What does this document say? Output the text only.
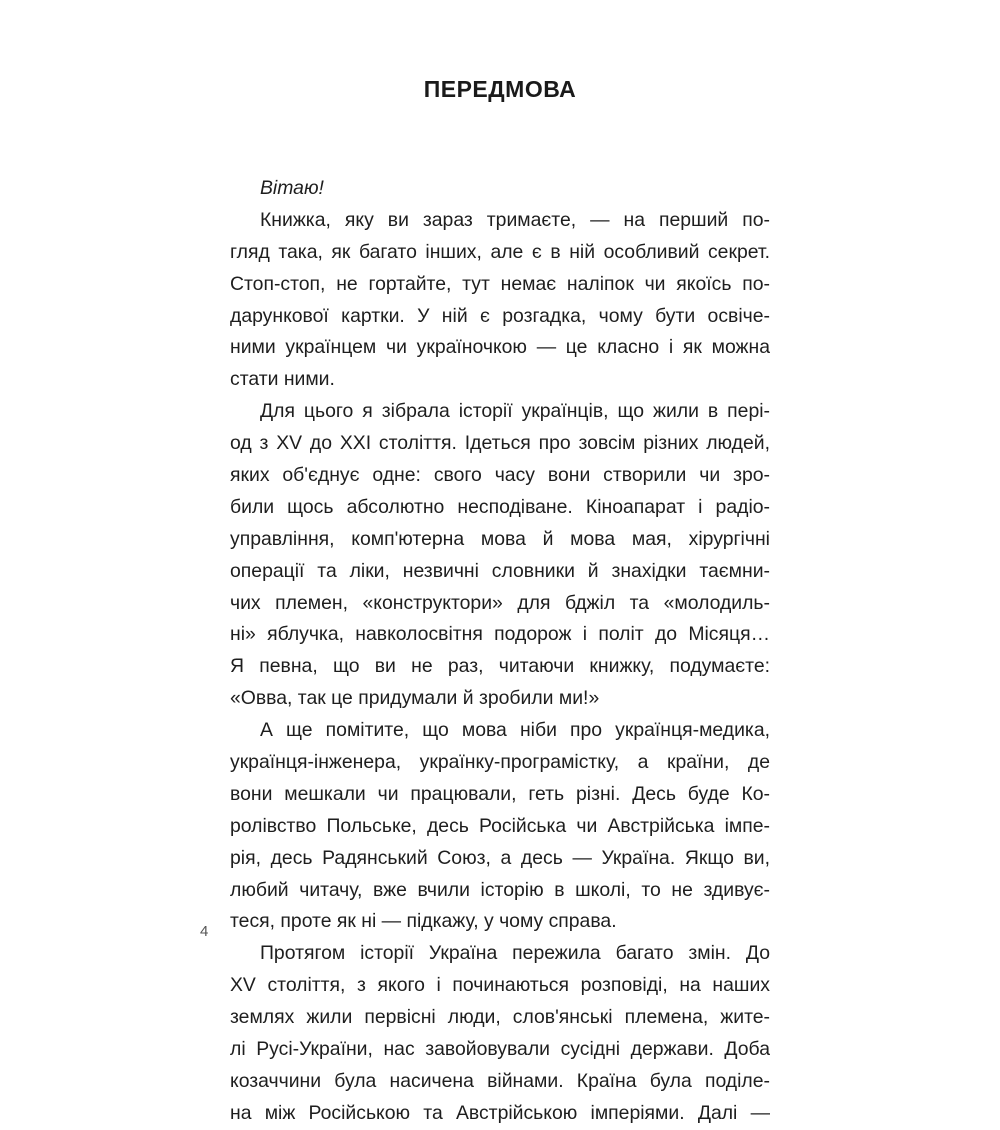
ПЕРЕДМОВА
Вітаю!
Книжка, яку ви зараз тримаєте, — на перший по-
гляд така, як багато інших, але є в ній особливий секрет.
Стоп-стоп, не гортайте, тут немає наліпок чи якоїсь по-
дарункової картки. У ній є розгадка, чому бути освіче-
ними українцем чи україночкою — це класно і як можна
стати ними.
Для цього я зібрала історії українців, що жили в пері-
од з XV до XXI століття. Ідеться про зовсім різних людей,
яких об'єднує одне: свого часу вони створили чи зро-
били щось абсолютно несподіване. Кіноапарат і радіо-
управління, комп'ютерна мова й мова мая, хірургічні
операції та ліки, незвичні словники й знахідки таємни-
чих племен, «конструктори» для бджіл та «молодиль-
ні» яблучка, навколосвітня подорож і політ до Місяця…
Я певна, що ви не раз, читаючи книжку, подумаєте:
«Овва, так це придумали й зробили ми!»
А ще помітите, що мова ніби про українця-медика,
українця-інженера, українку-програмістку, а країни, де
вони мешкали чи працювали, геть різні. Десь буде Ко-
ролівство Польське, десь Російська чи Австрійська імпе-
рія, десь Радянський Союз, а десь — Україна. Якщо ви,
любий читачу, вже вчили історію в школі, то не здивує-
теся, проте як ні — підкажу, у чому справа.
Протягом історії Україна пережила багато змін. До
XV століття, з якого і починаються розповіді, на наших
землях жили первісні люди, слов'янські племена, жите-
лі Русі-України, нас завойовували сусідні держави. Доба
козаччини була насичена війнами. Країна була поділе-
на між Російською та Австрійською імперіями. Далі —
4
